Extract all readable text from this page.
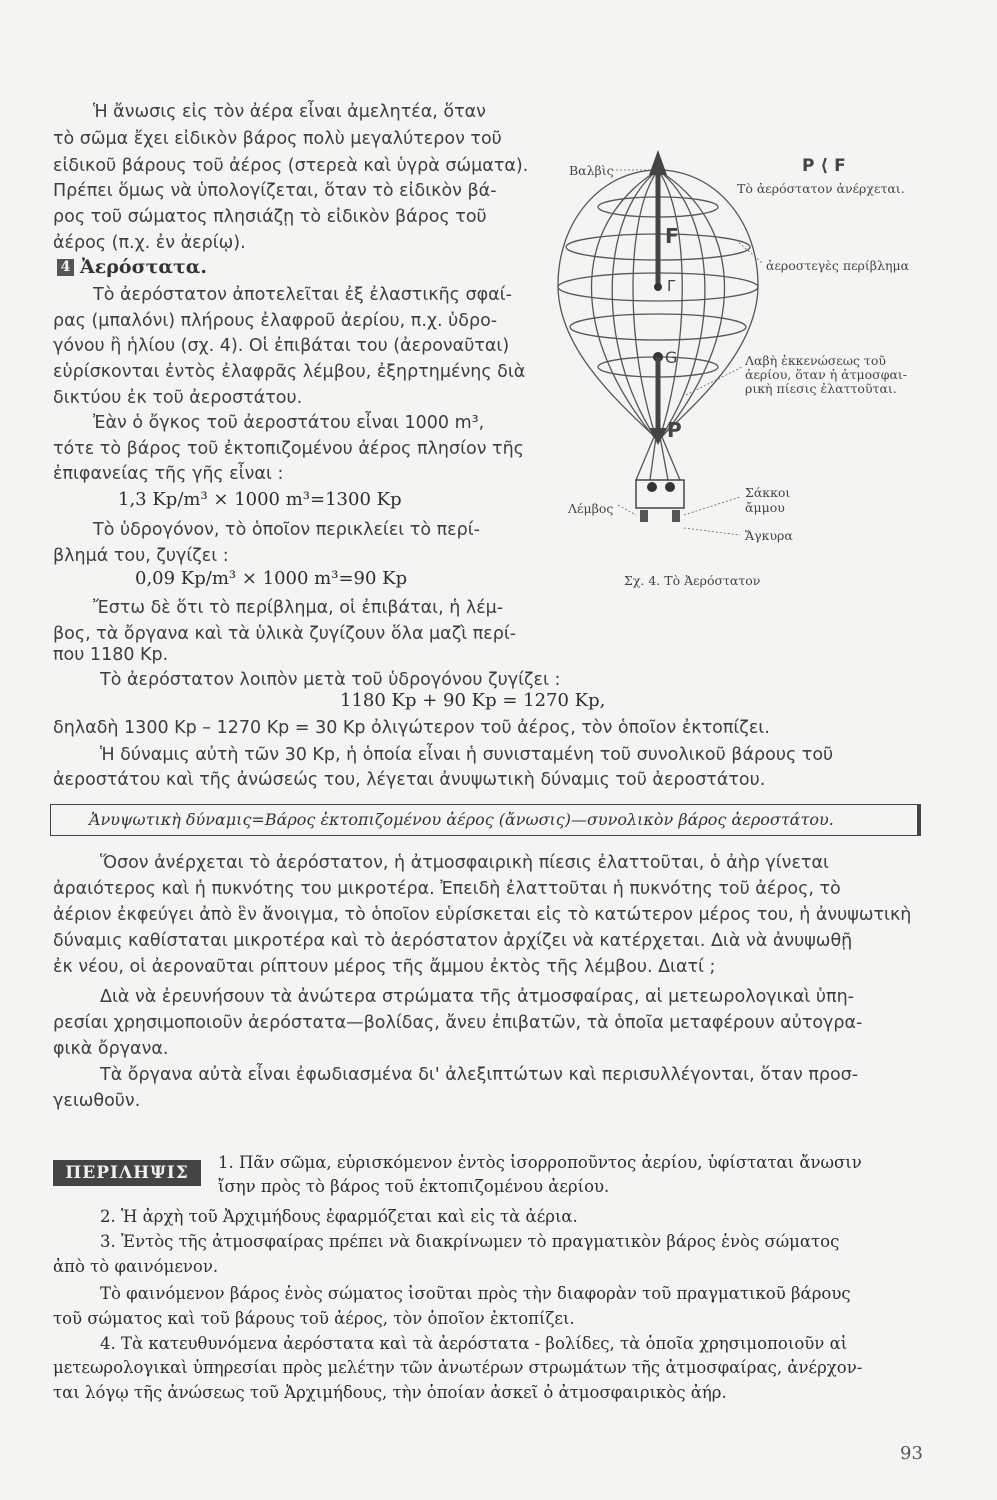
Ἡ ἄνωσις εἰς τὸν ἀέρα εἶναι ἀμελητέα, ὅταν
τὸ σῶμα ἔχει εἰδικὸν βάρος πολὺ μεγαλύτερον τοῦ
εἰδικοῦ βάρους τοῦ ἀέρος (στερεὰ καὶ ὑγρὰ σώματα).
Πρέπει ὅμως νὰ ὑπολογίζεται, ὅταν τὸ εἰδικὸν βά-
ρος τοῦ σώματος πλησιάζῃ τὸ εἰδικὸν βάρος τοῦ
ἀέρος (π.χ. ἐν ἀερίῳ).
4 Ἀερόστατα.
Τὸ ἀερόστατον ἀποτελεῖται ἐξ ἐλαστικῆς σφαί-
ρας (μπαλόνι) πλήρους ἐλαφροῦ ἀερίου, π.χ. ὑδρο-
γόνου ἢ ἡλίου (σχ. 4). Οἱ ἐπιβάται του (ἀεροναῦται)
εὑρίσκονται ἐντὸς ἐλαφρᾶς λέμβου, ἐξηρτημένης διὰ
δικτύου ἐκ τοῦ ἀεροστάτου.
Ἐὰν ὁ ὄγκος τοῦ ἀεροστάτου εἶναι 1000 m³,
τότε τὸ βάρος τοῦ ἐκτοπιζομένου ἀέρος πλησίον τῆς
ἐπιφανείας τῆς γῆς εἶναι :
1,3 Kp/m³ × 1000 m³=1300 Kp
Τὸ ὑδρογόνον, τὸ ὁποῖον περικλείει τὸ περί-
βλημά του, ζυγίζει :
0,09 Kp/m³ × 1000 m³=90 Kp
Ἔστω δὲ ὅτι τὸ περίβλημα, οἱ ἐπιβάται, ἡ λέμ-
βος, τὰ ὄργανα καὶ τὰ ὑλικὰ ζυγίζουν ὅλα μαζὶ περί-
που 1180 Kp.
Τὸ ἀερόστατον λοιπὸν μετὰ τοῦ ὑδρογόνου ζυγίζει :
1180 Kp + 90 Kp = 1270 Kp,
δηλαδὴ 1300 Kp – 1270 Kp = 30 Kp ὀλιγώτερον τοῦ ἀέρος, τὸν ὁποῖον ἐκτοπίζει.
Ἡ δύναμις αὐτὴ τῶν 30 Kp, ἡ ὁποία εἶναι ἡ συνισταμένη τοῦ συνολικοῦ βάρους τοῦ
ἀεροστάτου καὶ τῆς ἀνώσεώς του, λέγεται ἀνυψωτικὴ δύναμις τοῦ ἀεροστάτου.
Ἀνυψωτικὴ δύναμις=Βάρος ἐκτοπιζομένου ἀέρος (ἄνωσις)—συνολικὸν βάρος ἀεροστάτου.
Ὅσον ἀνέρχεται τὸ ἀερόστατον, ἡ ἀτμοσφαιρικὴ πίεσις ἐλαττοῦται, ὁ ἀὴρ γίνεται
ἀραιότερος καὶ ἡ πυκνότης του μικροτέρα. Ἐπειδὴ ἐλαττοῦται ἡ πυκνότης τοῦ ἀέρος, τὸ
ἀέριον ἐκφεύγει ἀπὸ ἓν ἄνοιγμα, τὸ ὁποῖον εὑρίσκεται εἰς τὸ κατώτερον μέρος του, ἡ ἀνυψωτικὴ
δύναμις καθίσταται μικροτέρα καὶ τὸ ἀερόστατον ἀρχίζει νὰ κατέρχεται. Διὰ νὰ ἀνυψωθῇ
ἐκ νέου, οἱ ἀεροναῦται ρίπτουν μέρος τῆς ἄμμου ἐκτὸς τῆς λέμβου. Διατί ;
Διὰ νὰ ἐρευνήσουν τὰ ἀνώτερα στρώματα τῆς ἀτμοσφαίρας, αἱ μετεωρολογικαὶ ὑπη-
ρεσίαι χρησιμοποιοῦν ἀερόστατα—βολίδας, ἄνευ ἐπιβατῶν, τὰ ὁποῖα μεταφέρουν αὐτογρα-
φικὰ ὄργανα.
Τὰ ὄργανα αὐτὰ εἶναι ἐφωδιασμένα δι' ἀλεξιπτώτων καὶ περισυλλέγονται, ὅταν προσ-
γειωθοῦν.
ΠΕΡΙΛΗΨΙΣ
1. Πᾶν σῶμα, εὑρισκόμενον ἐντὸς ἰσορροποῦντος ἀερίου, ὑφίσταται ἄνωσιν
ἴσην πρὸς τὸ βάρος τοῦ ἐκτοπιζομένου ἀερίου.
2. Ἡ ἀρχὴ τοῦ Ἀρχιμήδους ἐφαρμόζεται καὶ εἰς τὰ ἀέρια.
3. Ἐντὸς τῆς ἀτμοσφαίρας πρέπει νὰ διακρίνωμεν τὸ πραγματικὸν βάρος ἑνὸς σώματος
ἀπὸ τὸ φαινόμενον.
Τὸ φαινόμενον βάρος ἑνὸς σώματος ἰσοῦται πρὸς τὴν διαφορὰν τοῦ πραγματικοῦ βάρους
τοῦ σώματος καὶ τοῦ βάρους τοῦ ἀέρος, τὸν ὁποῖον ἐκτοπίζει.
4. Τὰ κατευθυνόμενα ἀερόστατα καὶ τὰ ἀερόστατα - βολίδες, τὰ ὁποῖα χρησιμοποιοῦν αἱ
μετεωρολογικαὶ ὑπηρεσίαι πρὸς μελέτην τῶν ἀνωτέρων στρωμάτων τῆς ἀτμοσφαίρας, ἀνέρχον-
ται λόγῳ τῆς ἀνώσεως τοῦ Ἀρχιμήδους, τὴν ὁποίαν ἀσκεῖ ὁ ἀτμοσφαιρικὸς ἀήρ.
93
Βαλβὶς	P ⟨ F
Τὸ ἀερόστατον ἀνέρχεται.
ἀεροστεγὲς περίβλημα
Λαβὴ ἐκκενώσεως τοῦ
ἀερίου, ὅταν ἡ ἀτμοσφαι-
ρικὴ πίεσις ἐλαττοῦται.
Σάκκοι
ἄμμου
Ἄγκυρα
Λέμβος
F
Γ
G
P
Σχ. 4. Τὸ Ἀερόστατον
